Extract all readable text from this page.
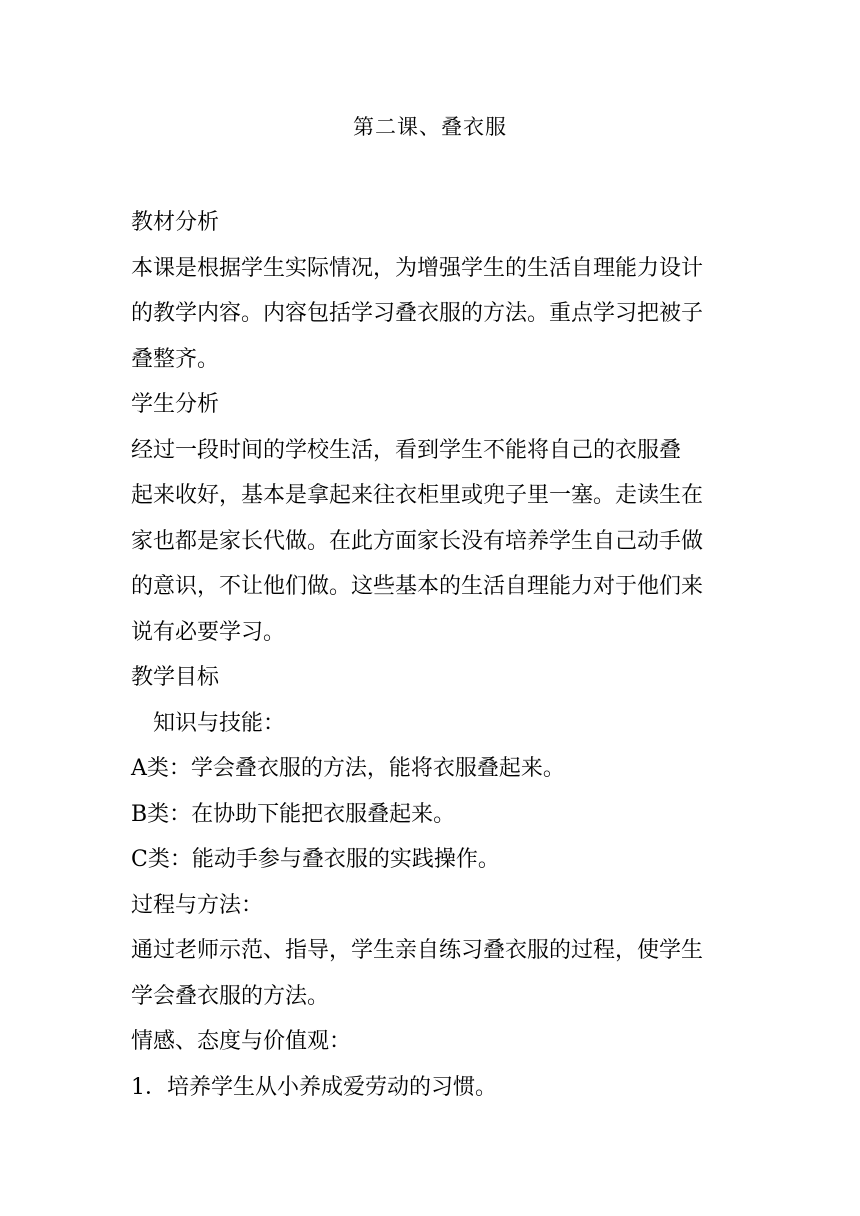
第二课、叠衣服

教材分析

本课是根据学生实际情况，为增强学生的生活自理能力设计

的教学内容。内容包括学习叠衣服的方法。重点学习把被子

叠整齐。

学生分析

经过一段时间的学校生活，看到学生不能将自己的衣服叠

起来收好，基本是拿起来往衣柜里或兜子里一塞。走读生在

家也都是家长代做。在此方面家长没有培养学生自己动手做

的意识，不让他们做。这些基本的生活自理能力对于他们来

说有必要学习。

教学目标

知识与技能：

A类：学会叠衣服的方法，能将衣服叠起来。

B类：在协助下能把衣服叠起来。

C类：能动手参与叠衣服的实践操作。

过程与方法：

通过老师示范、指导，学生亲自练习叠衣服的过程，使学生

学会叠衣服的方法。

情感、态度与价值观：

1．培养学生从小养成爱劳动的习惯。
